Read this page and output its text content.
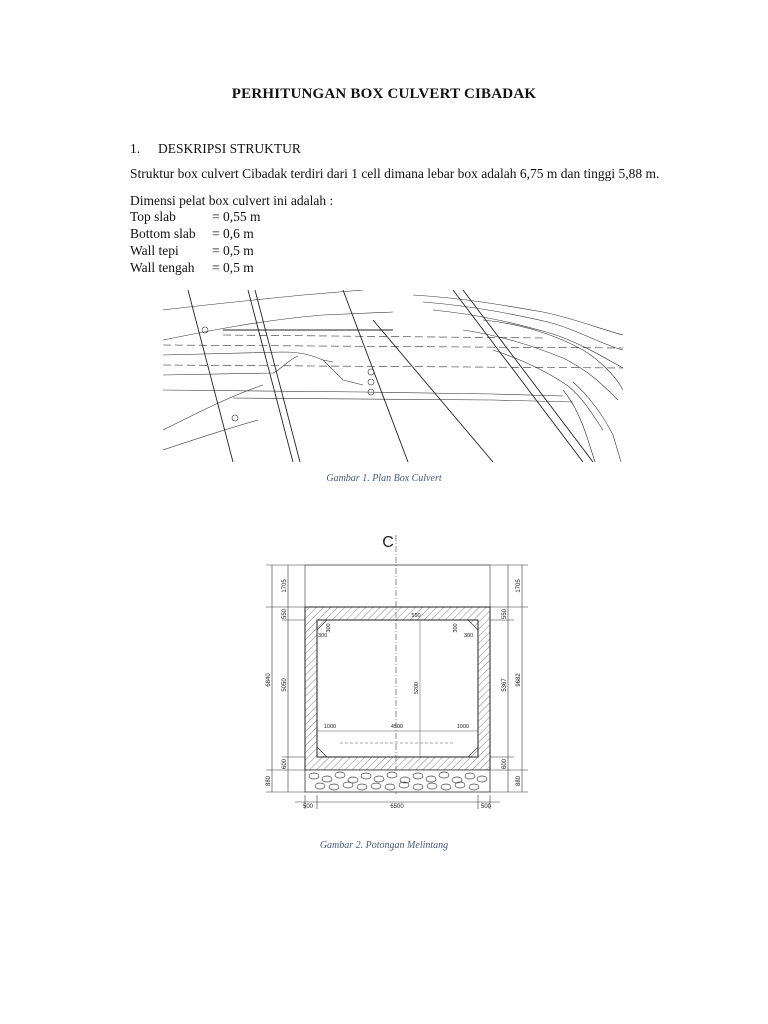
PERHITUNGAN BOX CULVERT CIBADAK
1. DESKRIPSI STRUKTUR
Struktur box culvert Cibadak terdiri dari 1 cell dimana lebar box adalah 6,75 m dan tinggi 5,88 m.
Dimensi pelat box culvert ini adalah :
Top slab	= 0,55 m
Bottom slab = 0,6 m
Wall tepi = 0,5 m
Wall tengah = 0,5 m
Gambar 1. Plan Box Culvert
C
1705
550
6840 5050
600
880
1705
550
9682
5367
600
880
500	6500	500
300
300
550
300
300
5200
1000	4500	1000
Gambar 2. Potongan Melintang
